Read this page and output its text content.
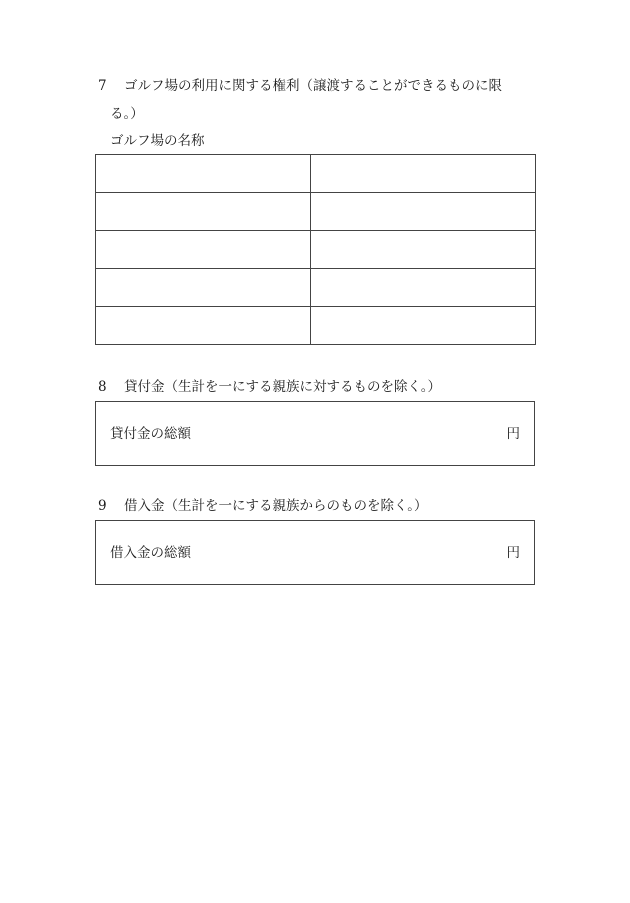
7 ゴルフ場の利用に関する権利（譲渡することができるものに限
る。）
ゴルフ場の名称

8 貸付金（生計を一にする親族に対するものを除く。）
貸付金の総額	円
9 借入金（生計を一にする親族からのものを除く。）
借入金の総額	円
